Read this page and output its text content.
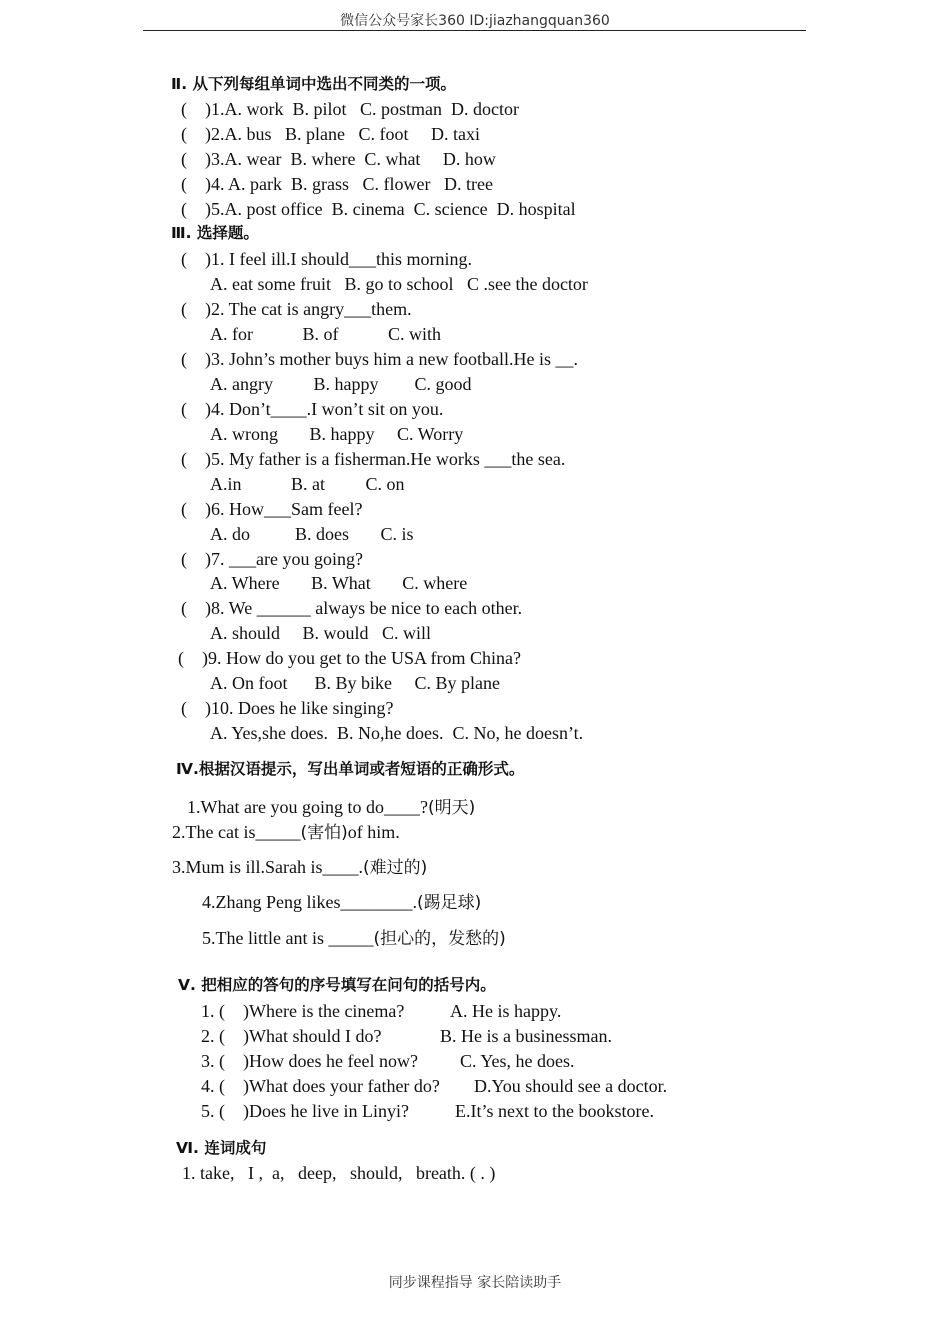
微信公众号家长360 ID:jiazhangquan360
Ⅱ. 从下列每组单词中选出不同类的一项。
(    )1.A. work  B. pilot   C. postman  D. doctor
(    )2.A. bus   B. plane   C. foot     D. taxi
(    )3.A. wear  B. where  C. what     D. how
(    )4. A. park  B. grass   C. flower   D. tree
(    )5.A. post office  B. cinema  C. science  D. hospital
Ⅲ. 选择题。
(    )1. I feel ill.I should___this morning.
A. eat some fruit   B. go to school   C .see the doctor
(    )2. The cat is angry___them.
A. for           B. of           C. with
(    )3. John’s mother buys him a new football.He is __.
A. angry         B. happy        C. good
(    )4. Don’t____.I won’t sit on you.
A. wrong       B. happy     C. Worry
(    )5. My father is a fisherman.He works ___the sea.
A.in           B. at         C. on
(    )6. How___Sam feel?
A. do          B. does       C. is
(    )7. ___are you going?
A. Where       B. What       C. where
(    )8. We ______ always be nice to each other.
A. should     B. would   C. will
(    )9. How do you get to the USA from China?
A. On foot      B. By bike     C. By plane
(    )10. Does he like singing?
A. Yes,she does.  B. No,he does.  C. No, he doesn’t.
Ⅳ.根据汉语提示，写出单词或者短语的正确形式。
1.What are you going to do____?(明天)
2.The cat is_____(害怕)of him.
3.Mum is ill.Sarah is____.(难过的)
4.Zhang Peng likes________.(踢足球)
5.The little ant is _____(担心的，发愁的)
Ⅴ. 把相应的答句的序号填写在问句的括号内。
1. (    )Where is the cinema?	A. He is happy.
2. (    )What should I do?	B. He is a businessman.
3. (    )How does he feel now? C. Yes, he does.
4. (    )What does your father do? D.You should see a doctor.
5. (    )Does he live in Linyi?	E.It’s next to the bookstore.
Ⅵ. 连词成句
1. take,   I ,  a,   deep,   should,   breath. ( . )
同步课程指导 家长陪读助手
